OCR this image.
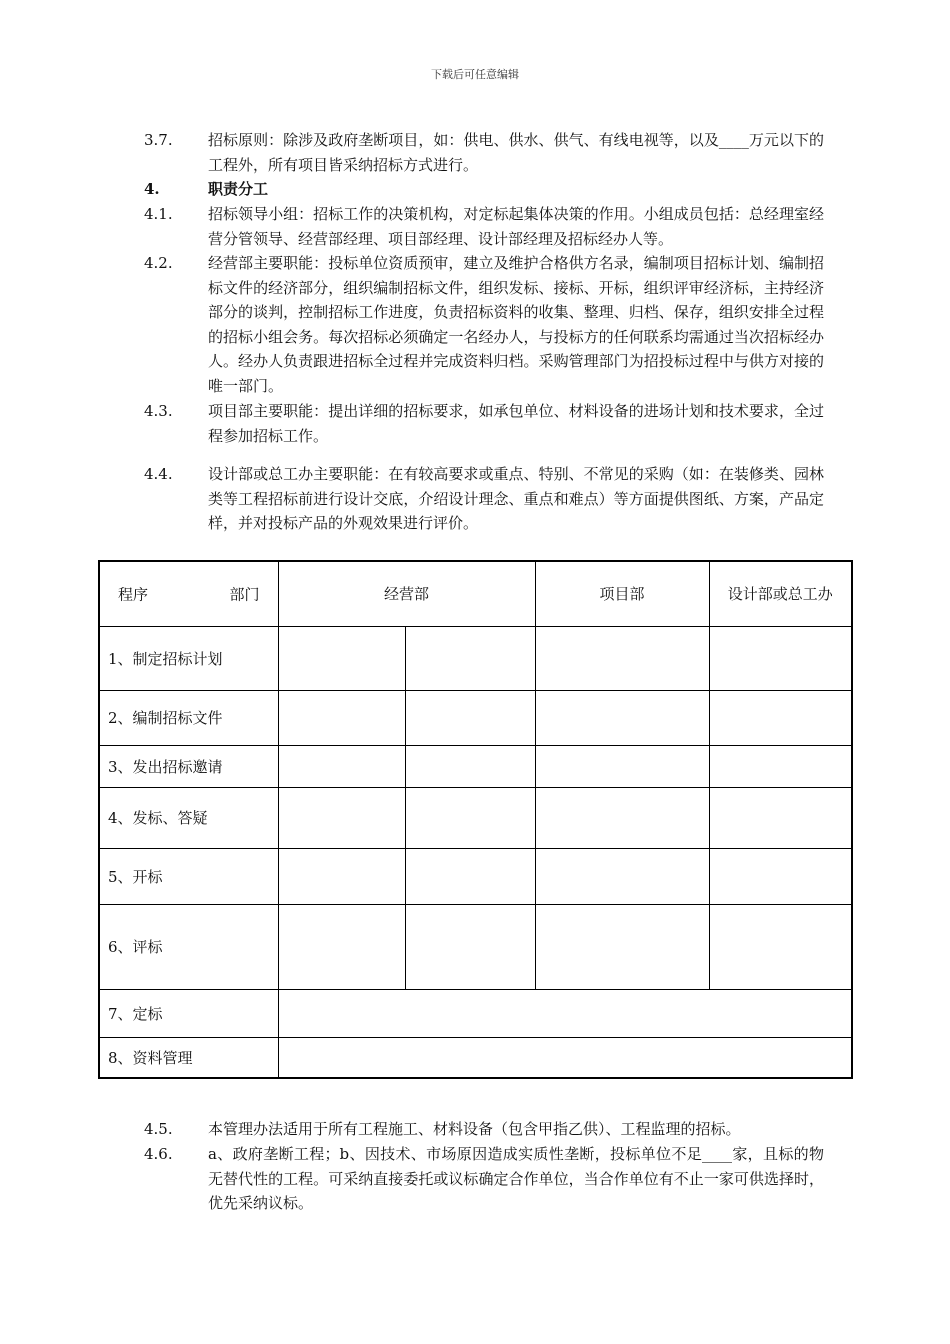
下载后可任意编辑
3.7.	招标原则：除涉及政府垄断项目，如：供电、供水、供气、有线电视等，以及____万元以下的工程外，所有项目皆采纳招标方式进行。
4.	职责分工
4.1.	招标领导小组：招标工作的决策机构，对定标起集体决策的作用。小组成员包括：总经理室经营分管领导、经营部经理、项目部经理、设计部经理及招标经办人等。
4.2.	经营部主要职能：投标单位资质预审，建立及维护合格供方名录，编制项目招标计划、编制招标文件的经济部分，组织编制招标文件，组织发标、接标、开标，组织评审经济标，主持经济部分的谈判，控制招标工作进度，负责招标资料的收集、整理、归档、保存，组织安排全过程的招标小组会务。每次招标必须确定一名经办人，与投标方的任何联系均需通过当次招标经办人。经办人负责跟进招标全过程并完成资料归档。采购管理部门为招投标过程中与供方对接的唯一部门。
4.3.	项目部主要职能：提出详细的招标要求，如承包单位、材料设备的进场计划和技术要求，全过程参加招标工作。
4.4.	设计部或总工办主要职能：在有较高要求或重点、特别、不常见的采购（如：在装修类、园林类等工程招标前进行设计交底，介绍设计理念、重点和难点）等方面提供图纸、方案，产品定样，并对投标产品的外观效果进行评价。
程序 部门	经营部		项目部	设计部或总工办
1、制定招标计划				
2、编制招标文件				
3、发出招标邀请				
4、发标、答疑				
5、开标				
6、评标				
7、定标				
8、资料管理				
4.5.	本管理办法适用于所有工程施工、材料设备（包含甲指乙供）、工程监理的招标。
4.6.	a、政府垄断工程；b、因技术、市场原因造成实质性垄断，投标单位不足____家，且标的物无替代性的工程。可采纳直接委托或议标确定合作单位，当合作单位有不止一家可供选择时，优先采纳议标。
